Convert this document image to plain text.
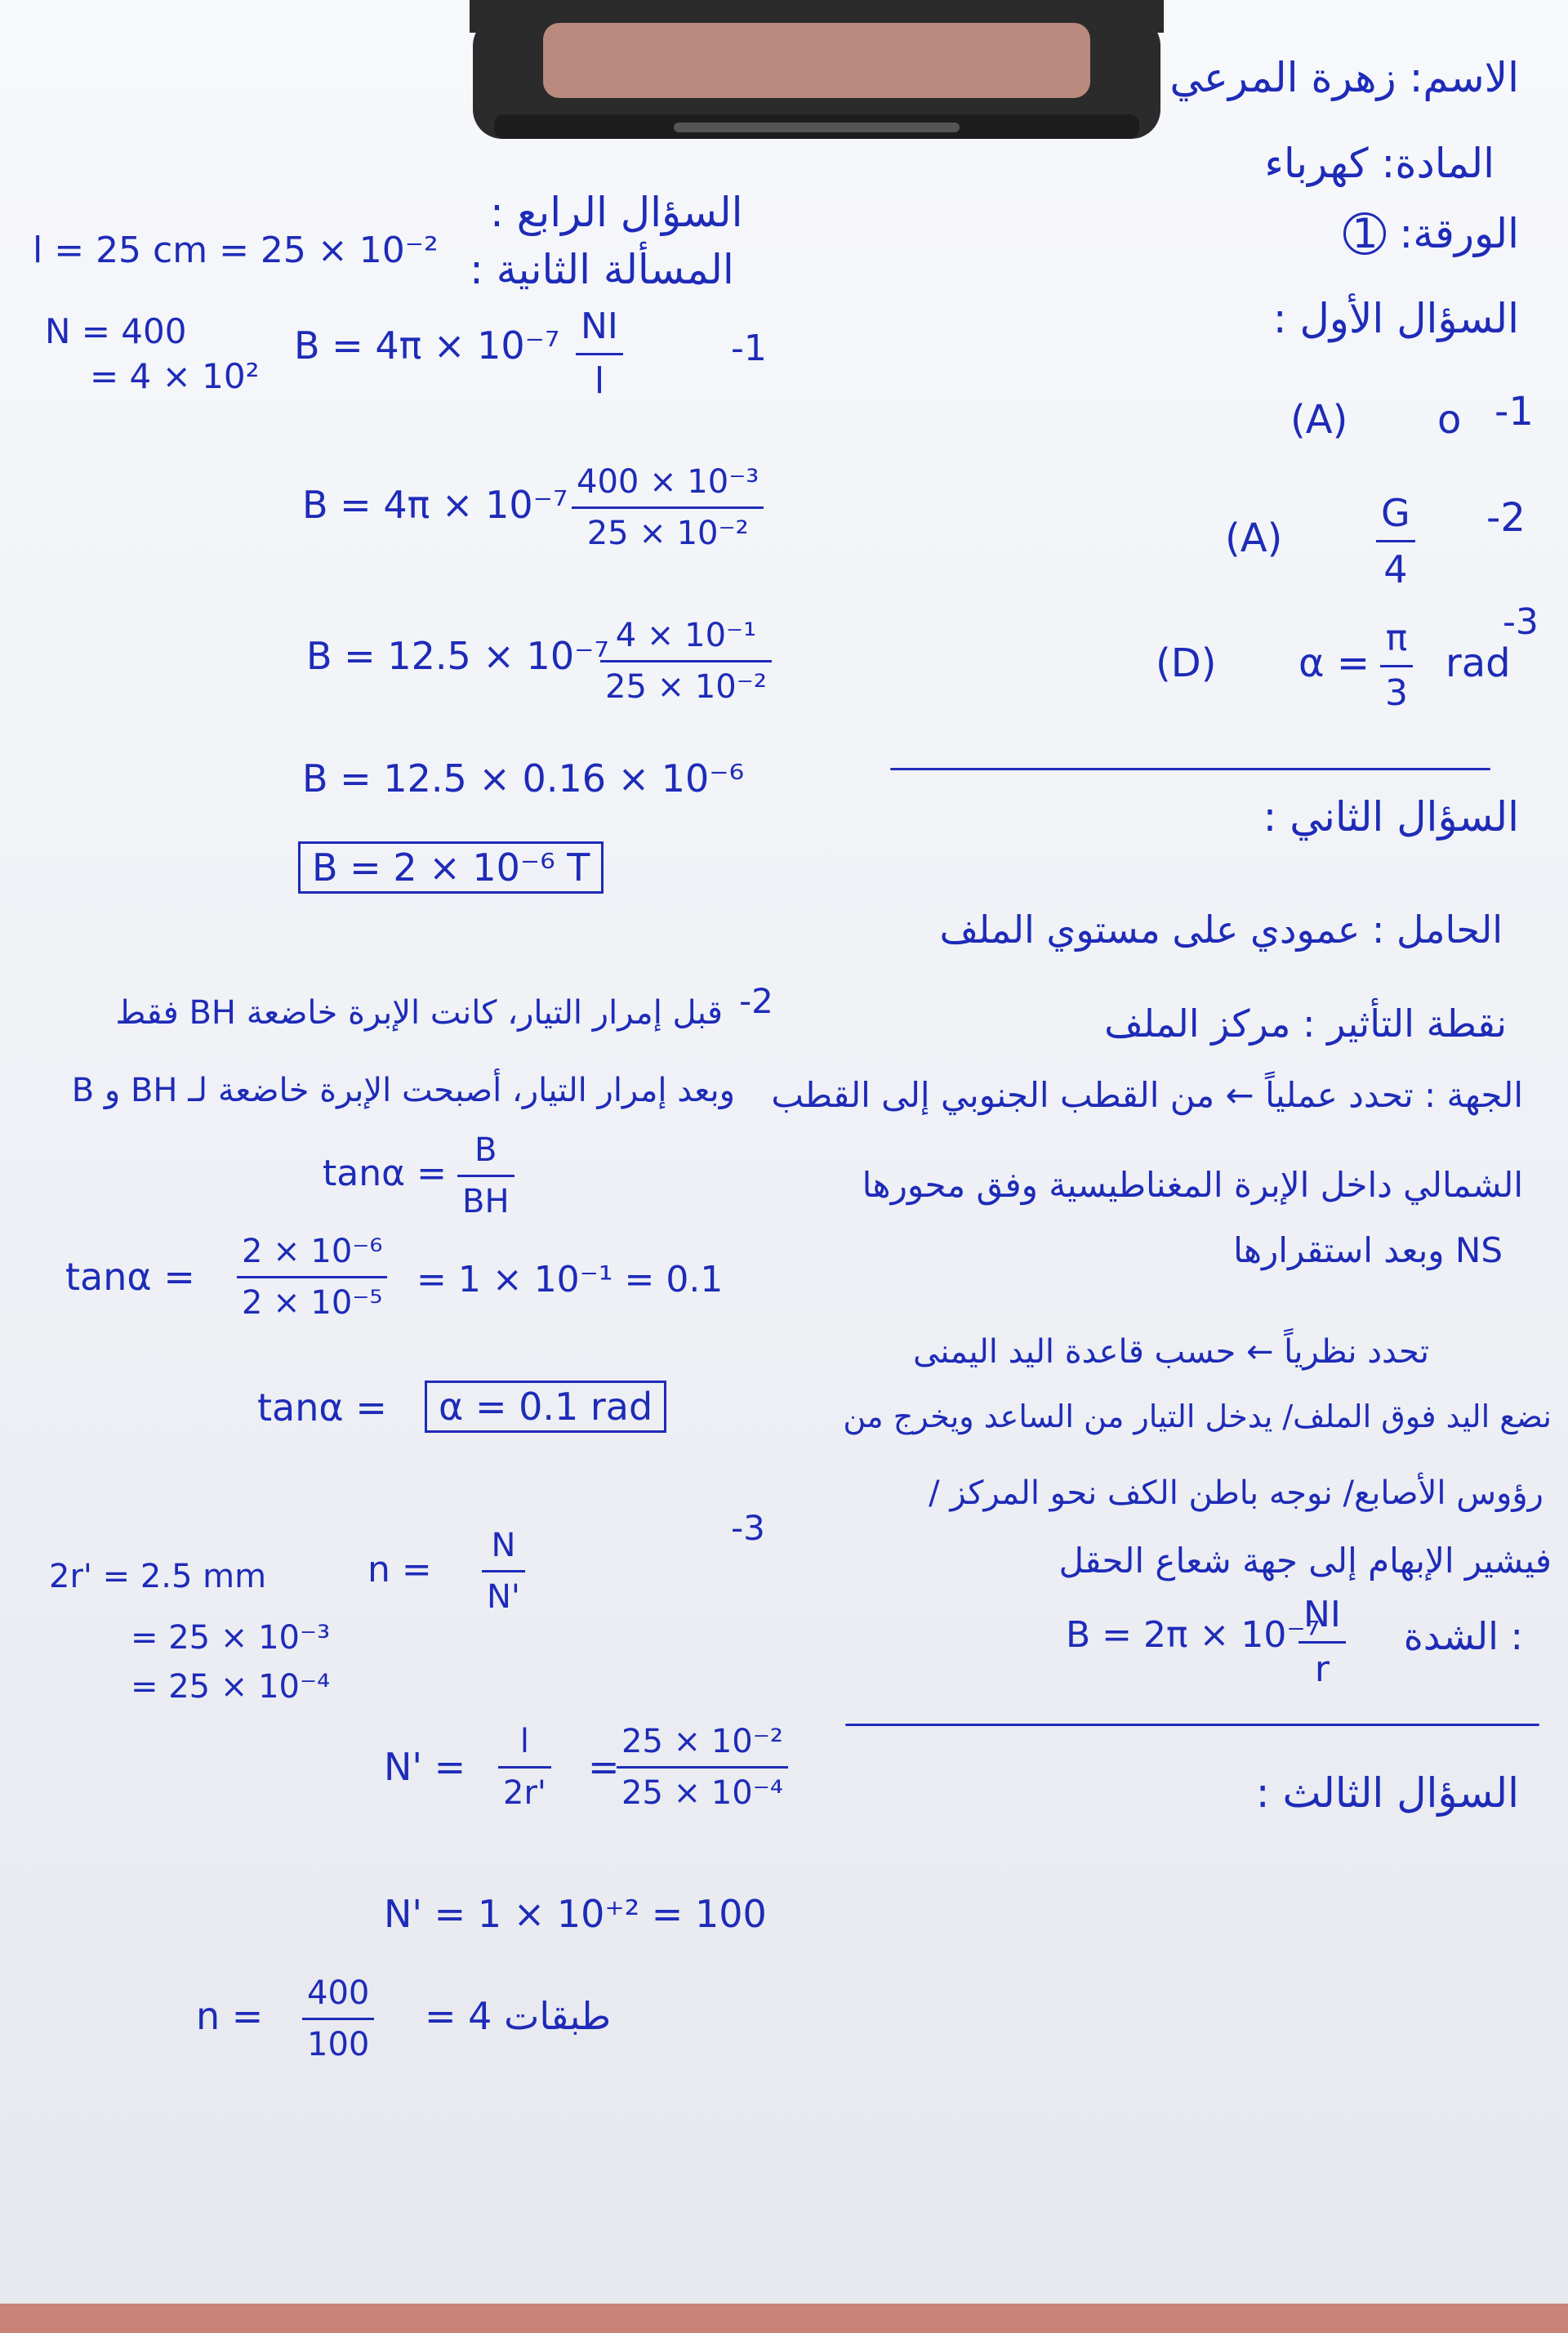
الاسم: زهرة المرعي
المادة: كهرباء
الورقة: 1
السؤال الأول :
(A) o -1
$(A) \frac{G}{4} -2$
-3
(D) $\alpha = \frac{\pi}{3}$ rad
السؤال الثاني :
الحامل : عمودي على مستوي الملف
نقطة التأثير : مركز الملف
الجهة : تحدد عملياً ← من القطب الجنوبي إلى القطب
الشمالي داخل الإبرة المغناطيسية وفق محورها
NS وبعد استقرارها
تحدد نظرياً ← حسب قاعدة اليد اليمنى
نضع اليد فوق الملف/ يدخل التيار من الساعد ويخرج من
رؤوس الأصابع/ نوجه باطن الكف نحو المركز /
فيشير الإبهام إلى جهة شعاع الحقل
B = 2π × 10⁻⁷
$\frac{NI}{r}$ : الشدة
السؤال الثالث :
السؤال الرابع :
المسألة الثانية :
l = 25 cm = 25 × 10⁻²
N = 400
= 4 × 10²
$B = 4\pi \times 10^{-7} \frac{NI}{l}$	-1
$B = 4\pi \times 10^{-7} \frac{\text{400 × 10⁻³}}{\text{25 × 10⁻²}}$
B = 12.5 × 10⁻⁷
$\frac{\text{4 × 10⁻¹}}{\text{25 × 10⁻²}}$
B = 12.5 × 0.16 × 10⁻⁶
B = 2 × 10⁻⁶ T
-2
قبل إمرار التيار، كانت الإبرة خاضعة BH فقط
وبعد إمرار التيار، أصبحت الإبرة خاضعة لـ BH و B
$\tan\alpha = \frac{B}{BH}$
$\tan\alpha = \frac{\text{2 × 10⁻⁶}}{\text{2 × 10⁻⁵}} = 1 \times 10^{-1} = 0.1$
tanα =	α = 0.1 rad
-3
2r' = 2.5 mm
= 25 × 10⁻³
= 25 × 10⁻⁴
$n = \frac{N}{N'}$
$N' = \frac{l}{2r'}$ =
$\frac{\text{25 × 10⁻²}}{\text{25 × 10⁻⁴}}$
N' = 1 × 10⁺² = 100
$n = \frac{400}{100} = 4$ طبقات
